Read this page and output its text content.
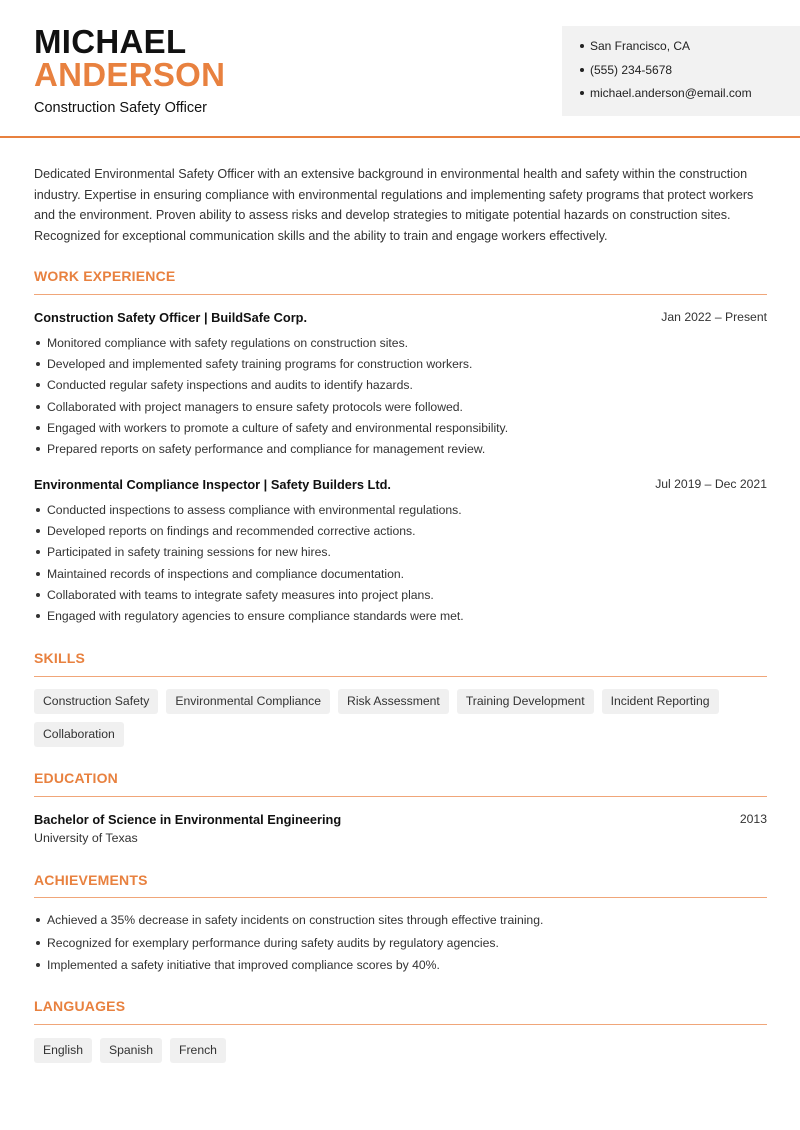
MICHAEL
ANDERSON
Construction Safety Officer
San Francisco, CA
(555) 234-5678
michael.anderson@email.com

Dedicated Environmental Safety Officer with an extensive background in environmental health and safety within the construction industry. Expertise in ensuring compliance with environmental regulations and implementing safety programs that protect workers and the environment. Proven ability to assess risks and develop strategies to mitigate potential hazards on construction sites. Recognized for exceptional communication skills and the ability to train and engage workers effectively.

WORK EXPERIENCE
Construction Safety Officer | BuildSafe Corp.	Jan 2022 – Present
Monitored compliance with safety regulations on construction sites.
Developed and implemented safety training programs for construction workers.
Conducted regular safety inspections and audits to identify hazards.
Collaborated with project managers to ensure safety protocols were followed.
Engaged with workers to promote a culture of safety and environmental responsibility.
Prepared reports on safety performance and compliance for management review.
Environmental Compliance Inspector | Safety Builders Ltd.	Jul 2019 – Dec 2021
Conducted inspections to assess compliance with environmental regulations.
Developed reports on findings and recommended corrective actions.
Participated in safety training sessions for new hires.
Maintained records of inspections and compliance documentation.
Collaborated with teams to integrate safety measures into project plans.
Engaged with regulatory agencies to ensure compliance standards were met.
SKILLS
Construction Safety	Environmental Compliance	Risk Assessment	Training Development	Incident Reporting
Collaboration
EDUCATION
Bachelor of Science in Environmental Engineering	2013
University of Texas
ACHIEVEMENTS
Achieved a 35% decrease in safety incidents on construction sites through effective training.
Recognized for exemplary performance during safety audits by regulatory agencies.
Implemented a safety initiative that improved compliance scores by 40%.
LANGUAGES
English	Spanish	French
